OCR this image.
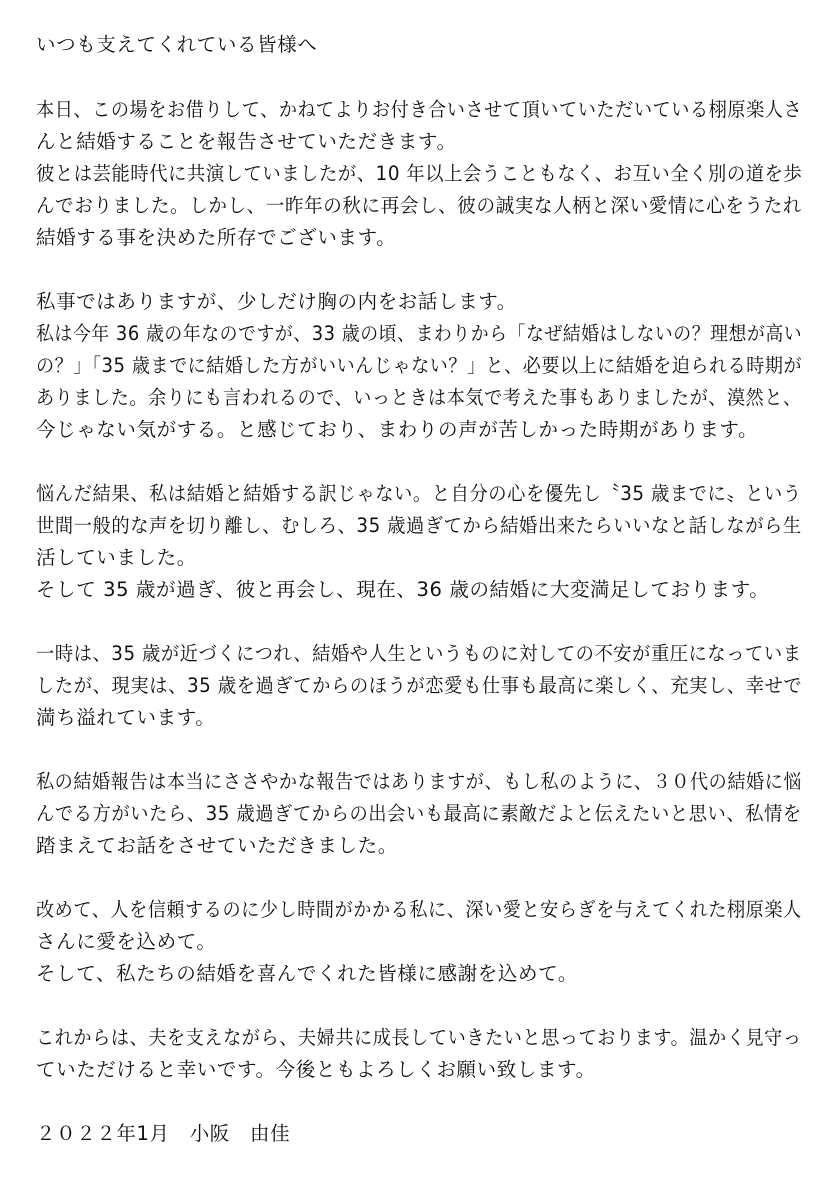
いつも支えてくれている皆様へ
本日、この場をお借りして、かねてよりお付き合いさせて頂いていただいている栩原楽人さ
んと結婚することを報告させていただきます。
彼とは芸能時代に共演していましたが、10 年以上会うこともなく、お互い全く別の道を歩
んでおりました。しかし、一昨年の秋に再会し、彼の誠実な人柄と深い愛情に心をうたれ
結婚する事を決めた所存でございます。
私事ではありますが、少しだけ胸の内をお話します。
私は今年 36 歳の年なのですが、33 歳の頃、まわりから「なぜ結婚はしないの？理想が高い
の？」「35 歳までに結婚した方がいいんじゃない？」と、必要以上に結婚を迫られる時期が
ありました。余りにも言われるので、いっときは本気で考えた事もありましたが、漠然と、
今じゃない気がする。と感じており、まわりの声が苦しかった時期があります。
悩んだ結果、私は結婚と結婚する訳じゃない。と自分の心を優先し〝35 歳までに〟という
世間一般的な声を切り離し、むしろ、35 歳過ぎてから結婚出来たらいいなと話しながら生
活していました。
そして 35 歳が過ぎ、彼と再会し、現在、36 歳の結婚に大変満足しております。
一時は、35 歳が近づくにつれ、結婚や人生というものに対しての不安が重圧になっていま
したが、現実は、35 歳を過ぎてからのほうが恋愛も仕事も最高に楽しく、充実し、幸せで
満ち溢れています。
私の結婚報告は本当にささやかな報告ではありますが、もし私のように、３０代の結婚に悩
んでる方がいたら、35 歳過ぎてからの出会いも最高に素敵だよと伝えたいと思い、私情を
踏まえてお話をさせていただきました。
改めて、人を信頼するのに少し時間がかかる私に、深い愛と安らぎを与えてくれた栩原楽人
さんに愛を込めて。
そして、私たちの結婚を喜んでくれた皆様に感謝を込めて。
これからは、夫を支えながら、夫婦共に成長していきたいと思っております。温かく見守っ
ていただけると幸いです。今後ともよろしくお願い致します。
２０２２年1月　小阪　由佳
